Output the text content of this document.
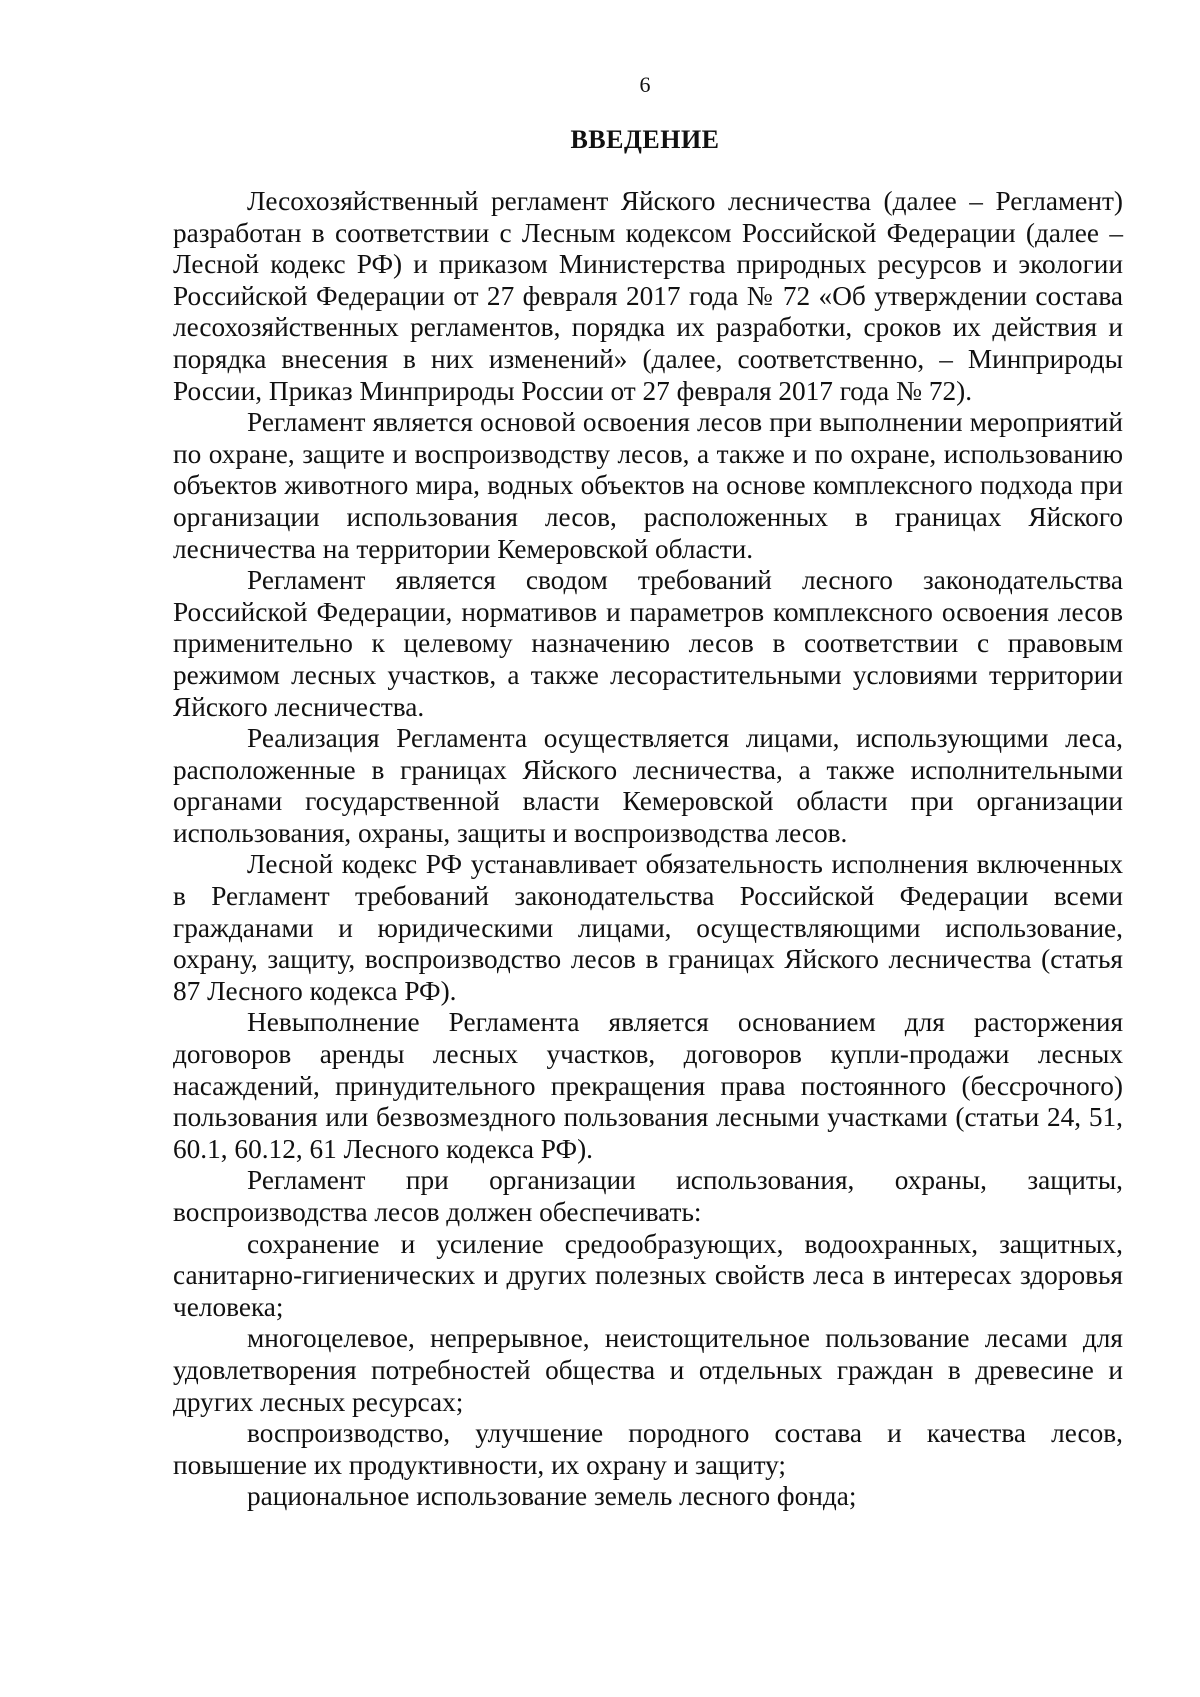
6
ВВЕДЕНИЕ

Лесохозяйственный регламент Яйского лесничества (далее – Регламент) разработан в соответствии с Лесным кодексом Российской Федерации (далее – Лесной кодекс РФ) и приказом Министерства природных ресурсов и экологии Российской Федерации от 27 февраля 2017 года № 72 «Об утверждении состава лесохозяйственных регламентов, порядка их разработки, сроков их действия и порядка внесения в них изменений» (далее, соответственно, – Минприроды России, Приказ Минприроды России от 27 февраля 2017 года № 72).

Регламент является основой освоения лесов при выполнении мероприятий по охране, защите и воспроизводству лесов, а также и по охране, использованию объектов животного мира, водных объектов на основе комплексного подхода при организации использования лесов, расположенных в границах Яйского лесничества на территории Кемеровской области.

Регламент является сводом требований лесного законодательства Российской Федерации, нормативов и параметров комплексного освоения лесов применительно к целевому назначению лесов в соответствии с правовым режимом лесных участков, а также лесорастительными условиями территории Яйского лесничества.

Реализация Регламента осуществляется лицами, использующими леса, расположенные в границах Яйского лесничества, а также исполнительными органами государственной власти Кемеровской области при организации использования, охраны, защиты и воспроизводства лесов.

Лесной кодекс РФ устанавливает обязательность исполнения включенных в Регламент требований законодательства Российской Федерации всеми гражданами и юридическими лицами, осуществляющими использование, охрану, защиту, воспроизводство лесов в границах Яйского лесничества (статья 87 Лесного кодекса РФ).

Невыполнение Регламента является основанием для расторжения договоров аренды лесных участков, договоров купли-продажи лесных насаждений, принудительного прекращения права постоянного (бессрочного) пользования или безвозмездного пользования лесными участками (статьи 24, 51, 60.1, 60.12, 61 Лесного кодекса РФ).

Регламент при организации использования, охраны, защиты, воспроизводства лесов должен обеспечивать:

сохранение и усиление средообразующих, водоохранных, защитных, санитарно-гигиенических и других полезных свойств леса в интересах здоровья человека;

многоцелевое, непрерывное, неистощительное пользование лесами для удовлетворения потребностей общества и отдельных граждан в древесине и других лесных ресурсах;

воспроизводство, улучшение породного состава и качества лесов, повышение их продуктивности, их охрану и защиту;

рациональное использование земель лесного фонда;
